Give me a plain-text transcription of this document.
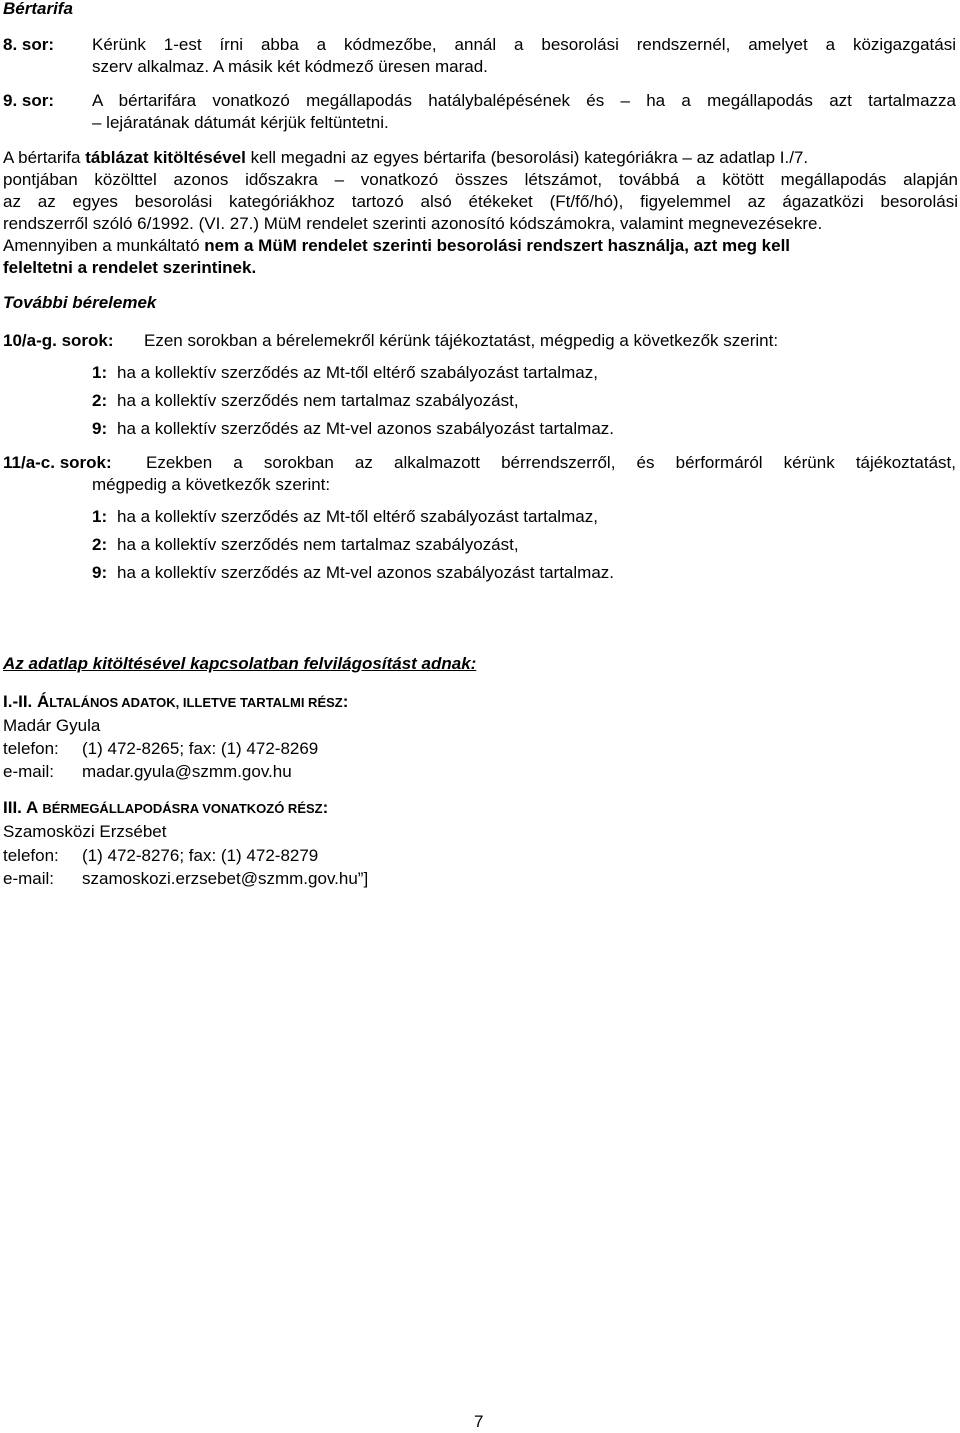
Bértarifa
8. sor: Kérünk 1-est írni abba a kódmezőbe, annál a besorolási rendszernél, amelyet a közigazgatási
szerv alkalmaz. A másik két kódmező üresen marad.
9. sor: A bértarifára vonatkozó megállapodás hatálybalépésének és – ha a megállapodás azt tartalmazza
– lejáratának dátumát kérjük feltüntetni.
A bértarifa táblázat kitöltésével kell megadni az egyes bértarifa (besorolási) kategóriákra – az adatlap I./7.
pontjában közölttel azonos időszakra – vonatkozó összes létszámot, továbbá a kötött megállapodás alapján
az az egyes besorolási kategóriákhoz tartozó alsó étékeket (Ft/fő/hó), figyelemmel az ágazatközi besorolási
rendszerről szóló 6/1992. (VI. 27.) MüM rendelet szerinti azonosító kódszámokra, valamint megnevezésekre.
Amennyiben a munkáltató nem a MüM rendelet szerinti besorolási rendszert használja, azt meg kell
feleltetni a rendelet szerintinek.
További bérelemek
10/a-g. sorok: Ezen sorokban a bérelemekről kérünk tájékoztatást, mégpedig a következők szerint:
1: ha a kollektív szerződés az Mt-től eltérő szabályozást tartalmaz,
2: ha a kollektív szerződés nem tartalmaz szabályozást,
9: ha a kollektív szerződés az Mt-vel azonos szabályozást tartalmaz.
11/a-c. sorok: Ezekben a sorokban az alkalmazott bérrendszerről, és bérformáról kérünk tájékoztatást,
mégpedig a következők szerint:
1: ha a kollektív szerződés az Mt-től eltérő szabályozást tartalmaz,
2: ha a kollektív szerződés nem tartalmaz szabályozást,
9: ha a kollektív szerződés az Mt-vel azonos szabályozást tartalmaz.
Az adatlap kitöltésével kapcsolatban felvilágosítást adnak:
I.-II. ÁLTALÁNOS ADATOK, ILLETVE TARTALMI RÉSZ:
Madár Gyula
telefon: (1) 472-8265; fax: (1) 472-8269
e-mail: madar.gyula@szmm.gov.hu
III. A BÉRMEGÁLLAPODÁSRA VONATKOZÓ RÉSZ:
Szamosközi Erzsébet
telefon: (1) 472-8276; fax: (1) 472-8279
e-mail: szamoskozi.erzsebet@szmm.gov.hu”]
7
